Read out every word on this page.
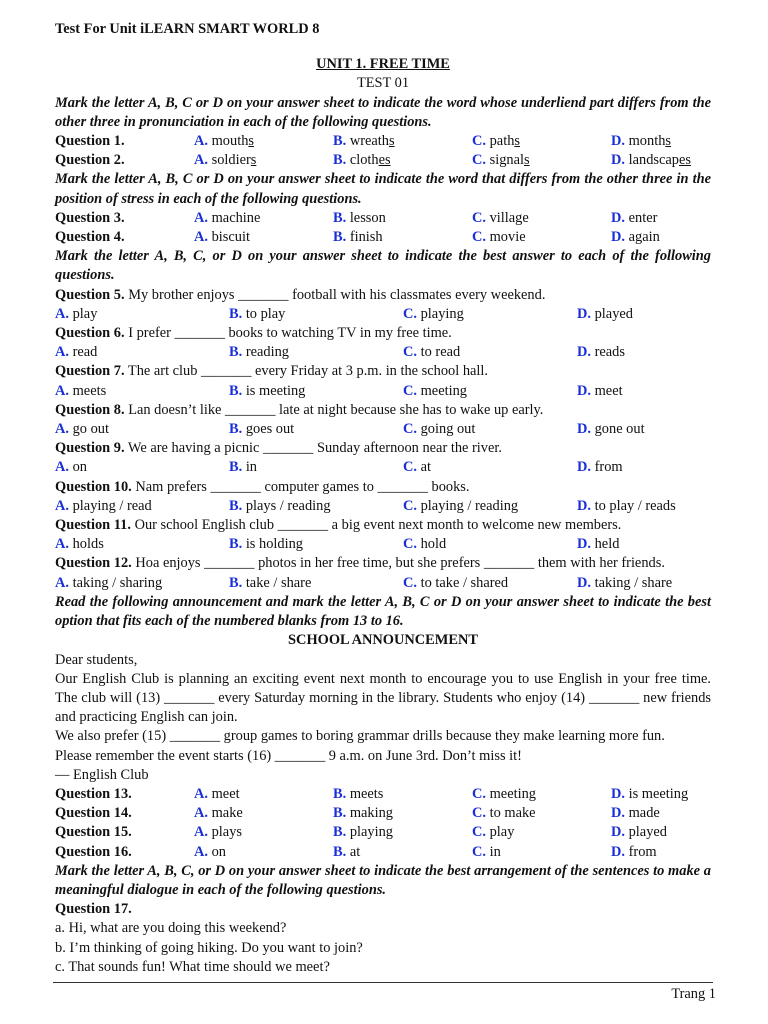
Test For Unit iLEARN SMART WORLD 8
UNIT 1. FREE TIME
TEST 01
Mark the letter A, B, C or D on your answer sheet to indicate the word whose underliend part differs from the other three in pronunciation in each of the following questions.
Question 1.	A. mouths	B. wreaths	C. paths	D. months
Question 2.	A. soldiers	B. clothes	C. signals	D. landscapes
Mark the letter A, B, C or D on your answer sheet to indicate the word that differs from the other three in the position of stress in each of the following questions.
Question 3.	A. machine	B. lesson	C. village	D. enter
Question 4.	A. biscuit	B. finish	C. movie	D. again
Mark the letter A, B, C, or D on your answer sheet to indicate the best answer to each of the following questions.
Question 5. My brother enjoys _______ football with his classmates every weekend.
A. play	B. to play	C. playing	D. played
Question 6. I prefer _______ books to watching TV in my free time.
A. read	B. reading	C. to read	D. reads
Question 7. The art club _______ every Friday at 3 p.m. in the school hall.
A. meets	B. is meeting	C. meeting	D. meet
Question 8. Lan doesn’t like _______ late at night because she has to wake up early.
A. go out	B. goes out	C. going out	D. gone out
Question 9. We are having a picnic _______ Sunday afternoon near the river.
A. on	B. in	C. at	D. from
Question 10. Nam prefers _______ computer games to _______ books.
A. playing / read	B. plays / reading	C. playing / reading	D. to play / reads
Question 11. Our school English club _______ a big event next month to welcome new members.
A. holds	B. is holding	C. hold	D. held
Question 12. Hoa enjoys _______ photos in her free time, but she prefers _______ them with her friends.
A. taking / sharing	B. take / share	C. to take / shared	D. taking / share
Read the following announcement and mark the letter A, B, C or D on your answer sheet to indicate the best option that fits each of the numbered blanks from 13 to 16.
SCHOOL ANNOUNCEMENT
Dear students,
Our English Club is planning an exciting event next month to encourage you to use English in your free time. The club will (13) _______ every Saturday morning in the library. Students who enjoy (14) _______ new friends and practicing English can join.
We also prefer (15) _______ group games to boring grammar drills because they make learning more fun.
Please remember the event starts (16) _______ 9 a.m. on June 3rd. Don’t miss it!
— English Club
Question 13.	A. meet	B. meets	C. meeting	D. is meeting
Question 14.	A. make	B. making	C. to make	D. made
Question 15.	A. plays	B. playing	C. play	D. played
Question 16.	A. on	B. at	C. in	D. from
Mark the letter A, B, C, or D on your answer sheet to indicate the best arrangement of the sentences to make a meaningful dialogue in each of the following questions.
Question 17.
a. Hi, what are you doing this weekend?
b. I’m thinking of going hiking. Do you want to join?
c. That sounds fun! What time should we meet?
Trang 1
